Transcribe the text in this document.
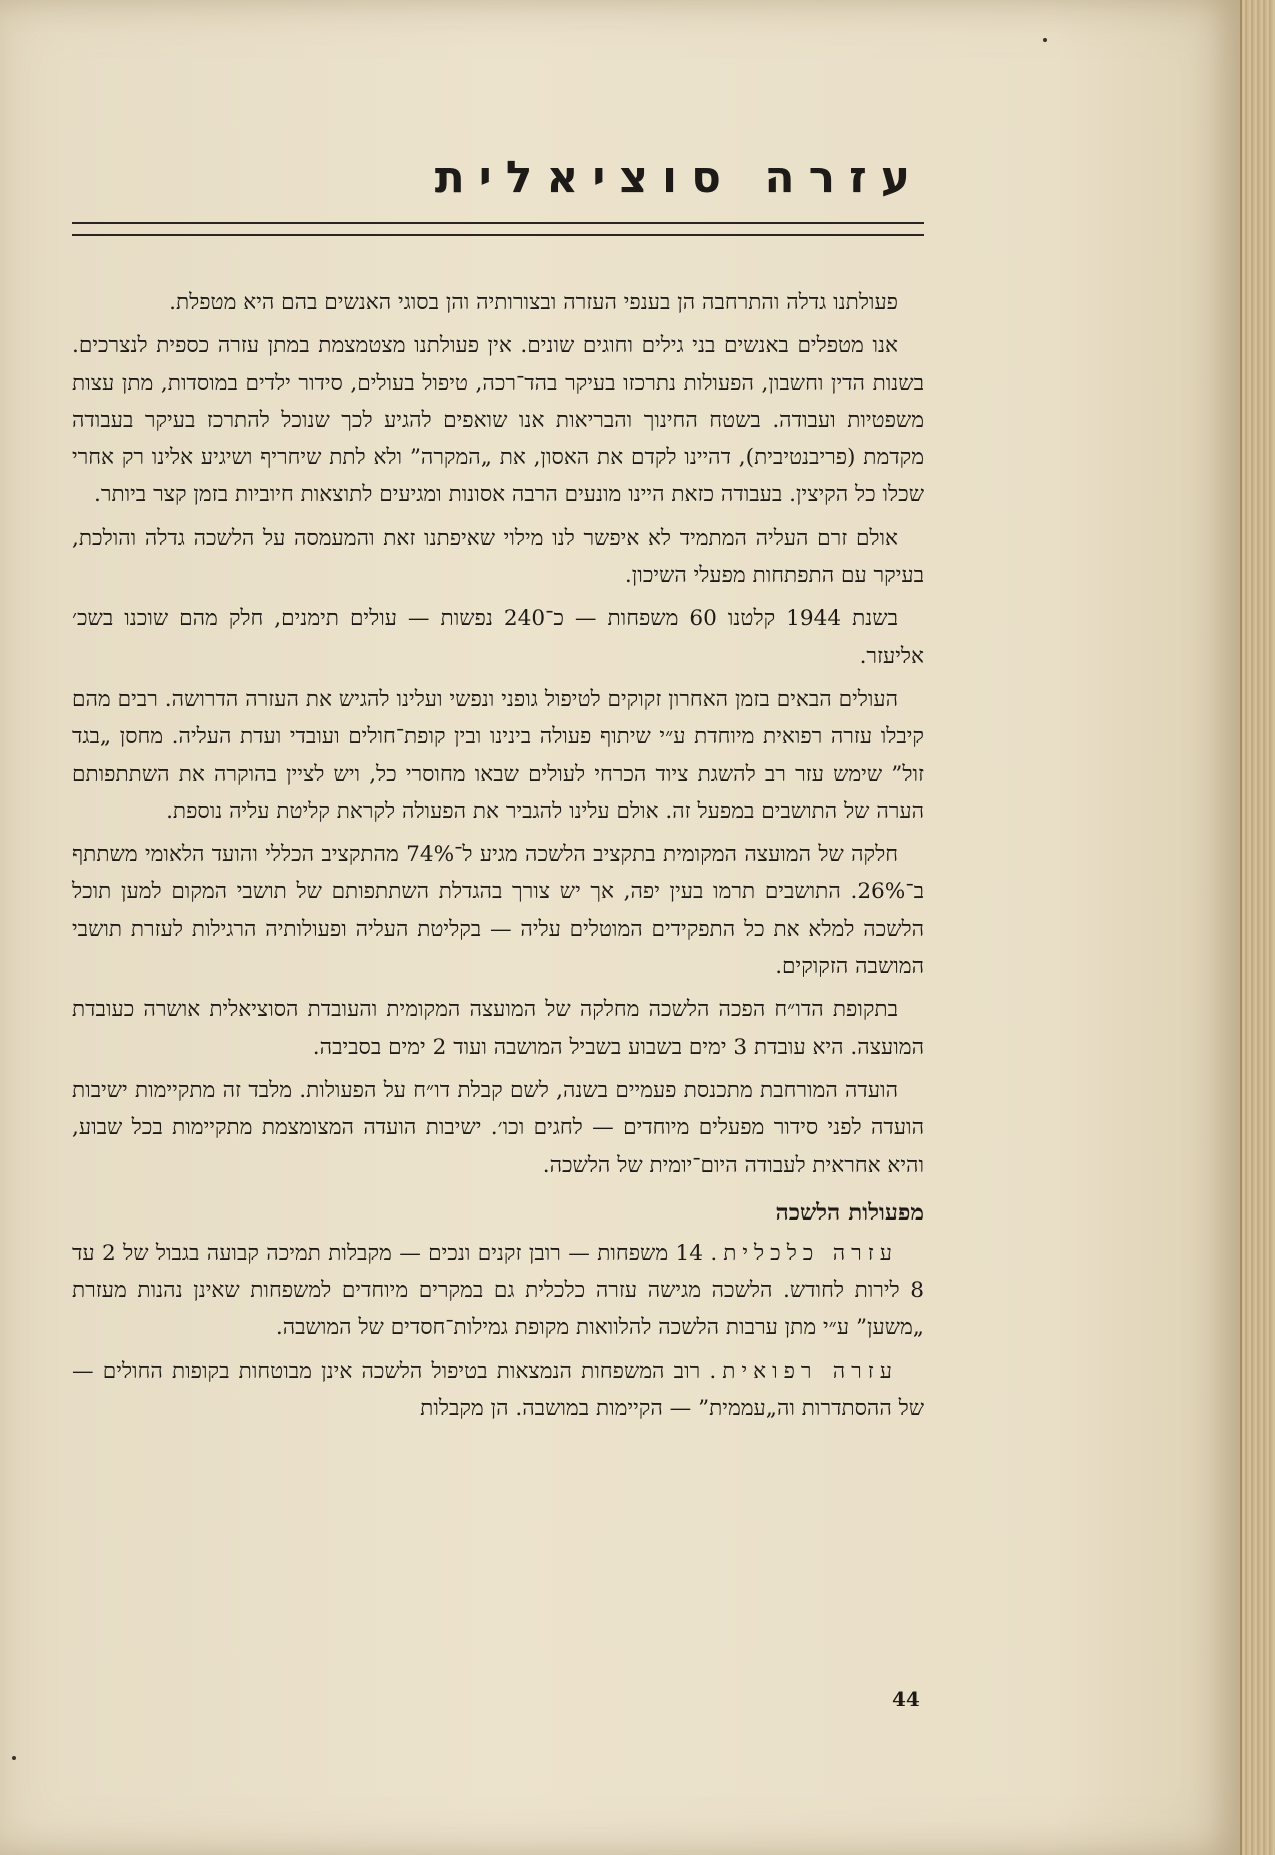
עזרה סוציאלית

פעולתנו גדלה והתרחבה הן בענפי העזרה ובצורותיה והן בסוגי האנשים בהם היא מטפלת.

אנו מטפלים באנשים בני גילים וחוגים שונים. אין פעולתנו מצטמצמת במתן עזרה כספית לנצרכים. בשנות הדין וחשבון, הפעולות נתרכזו בעיקר בהד־רכה, טיפול בעולים, סידור ילדים במוסדות, מתן עצות משפטיות ועבודה. בשטח החינוך והבריאות אנו שואפים להגיע לכך שנוכל להתרכז בעיקר בעבודה מקדמת (פריבנטיבית), דהיינו לקדם את האסון, את „המקרה” ולא לתת שיחריף ושיגיע אלינו רק אחרי שכלו כל הקיצין. בעבודה כזאת היינו מונעים הרבה אסונות ומגיעים לתוצאות חיוביות בזמן קצר ביותר.

אולם זרם העליה המתמיד לא איפשר לנו מילוי שאיפתנו זאת והמעמסה על הלשכה גדלה והולכת, בעיקר עם התפתחות מפעלי השיכון.

בשנת 1944 קלטנו 60 משפחות — כ־240 נפשות — עולים תימנים, חלק מהם שוכנו בשכ׳ אליעזר.

העולים הבאים בזמן האחרון זקוקים לטיפול גופני ונפשי ועלינו להגיש את העזרה הדרושה. רבים מהם קיבלו עזרה רפואית מיוחדת ע״י שיתוף פעולה בינינו ובין קופת־חולים ועובדי ועדת העליה. מחסן „בגד זול” שימש עזר רב להשגת ציוד הכרחי לעולים שבאו מחוסרי כל, ויש לציין בהוקרה את השתתפותם הערה של התושבים במפעל זה. אולם עלינו להגביר את הפעולה לקראת קליטת עליה נוספת.

חלקה של המועצה המקומית בתקציב הלשכה מגיע ל־74% מהתקציב הכללי והועד הלאומי משתתף ב־26%. התושבים תרמו בעין יפה, אך יש צורך בהגדלת השתתפותם של תושבי המקום למען תוכל הלשכה למלא את כל התפקידים המוטלים עליה — בקליטת העליה ופעולותיה הרגילות לעזרת תושבי המושבה הזקוקים.

בתקופת הדו״ח הפכה הלשכה מחלקה של המועצה המקומית והעובדת הסוציאלית אושרה כעובדת המועצה. היא עובדת 3 ימים בשבוע בשביל המושבה ועוד 2 ימים בסביבה.

הועדה המורחבת מתכנסת פעמיים בשנה, לשם קבלת דו״ח על הפעולות. מלבד זה מתקיימות ישיבות הועדה לפני סידור מפעלים מיוחדים — לחגים וכו׳. ישיבות הועדה המצומצמת מתקיימות בכל שבוע, והיא אחראית לעבודה היום־יומית של הלשכה.

מפעולות הלשכה

עזרה כלכלית. 14 משפחות — רובן זקנים ונכים — מקבלות תמיכה קבועה בגבול של 2 עד 8 לירות לחודש. הלשכה מגישה עזרה כלכלית גם במקרים מיוחדים למשפחות שאינן נהנות מעזרת „משען” ע״י מתן ערבות הלשכה להלוואות מקופת גמילות־חסדים של המושבה.

עזרה רפואית. רוב המשפחות הנמצאות בטיפול הלשכה אינן מבוטחות בקופות החולים — של ההסתדרות וה„עממית” — הקיימות במושבה. הן מקבלות

44
